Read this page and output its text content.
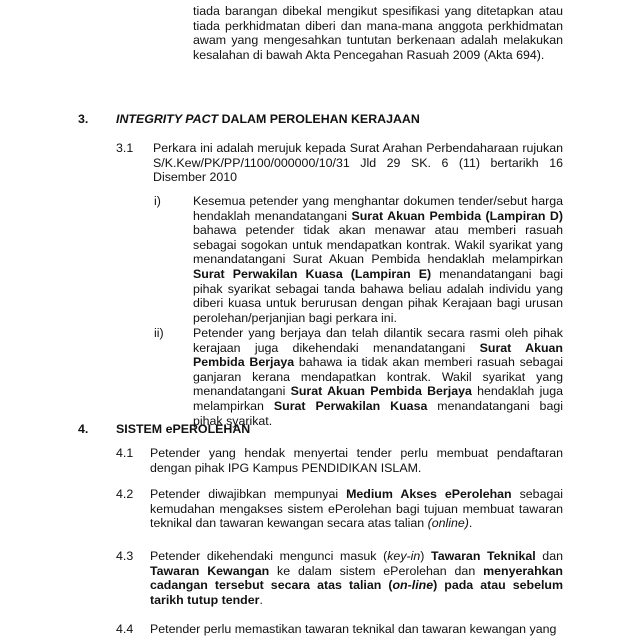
tiada barangan dibekal mengikut spesifikasi yang ditetapkan atau
tiada perkhidmatan diberi dan mana-mana anggota perkhidmatan
awam yang mengesahkan tuntutan berkenaan adalah melakukan
kesalahan di bawah Akta Pencegahan Rasuah 2009 (Akta 694).
3. INTEGRITY PACT DALAM PEROLEHAN KERAJAAN
3.1 Perkara ini adalah merujuk kepada Surat Arahan Perbendaharaan rujukan S/K.Kew/PK/PP/1100/000000/10/31 Jld 29 SK. 6 (11) bertarikh 16 Disember 2010
i)	Kesemua petender yang menghantar dokumen tender/sebut harga hendaklah menandatangani Surat Akuan Pembida (Lampiran D) bahawa petender tidak akan menawar atau memberi rasuah sebagai sogokan untuk mendapatkan kontrak. Wakil syarikat yang menandatangani Surat Akuan Pembida hendaklah melampirkan Surat Perwakilan Kuasa (Lampiran E) menandatangani bagi pihak syarikat sebagai tanda bahawa beliau adalah individu yang diberi kuasa untuk berurusan dengan pihak Kerajaan bagi urusan perolehan/perjanjian bagi perkara ini.
ii) Petender yang berjaya dan telah dilantik secara rasmi oleh pihak kerajaan juga dikehendaki menandatangani Surat Akuan Pembida Berjaya bahawa ia tidak akan memberi rasuah sebagai ganjaran kerana mendapatkan kontrak. Wakil syarikat yang menandatangani Surat Akuan Pembida Berjaya hendaklah juga melampirkan Surat Perwakilan Kuasa menandatangani bagi pihak syarikat.
4. SISTEM ePEROLEHAN
4.1 Petender yang hendak menyertai tender perlu membuat pendaftaran dengan pihak IPG Kampus PENDIDIKAN ISLAM.
4.2 Petender diwajibkan mempunyai Medium Akses ePerolehan sebagai kemudahan mengakses sistem ePerolehan bagi tujuan membuat tawaran teknikal dan tawaran kewangan secara atas talian (online).
4.3 Petender dikehendaki mengunci masuk (key-in) Tawaran Teknikal dan Tawaran Kewangan ke dalam sistem ePerolehan dan menyerahkan cadangan tersebut secara atas talian (on-line) pada atau sebelum tarikh tutup tender.
4.4 Petender perlu memastikan tawaran teknikal dan tawaran kewangan yang
